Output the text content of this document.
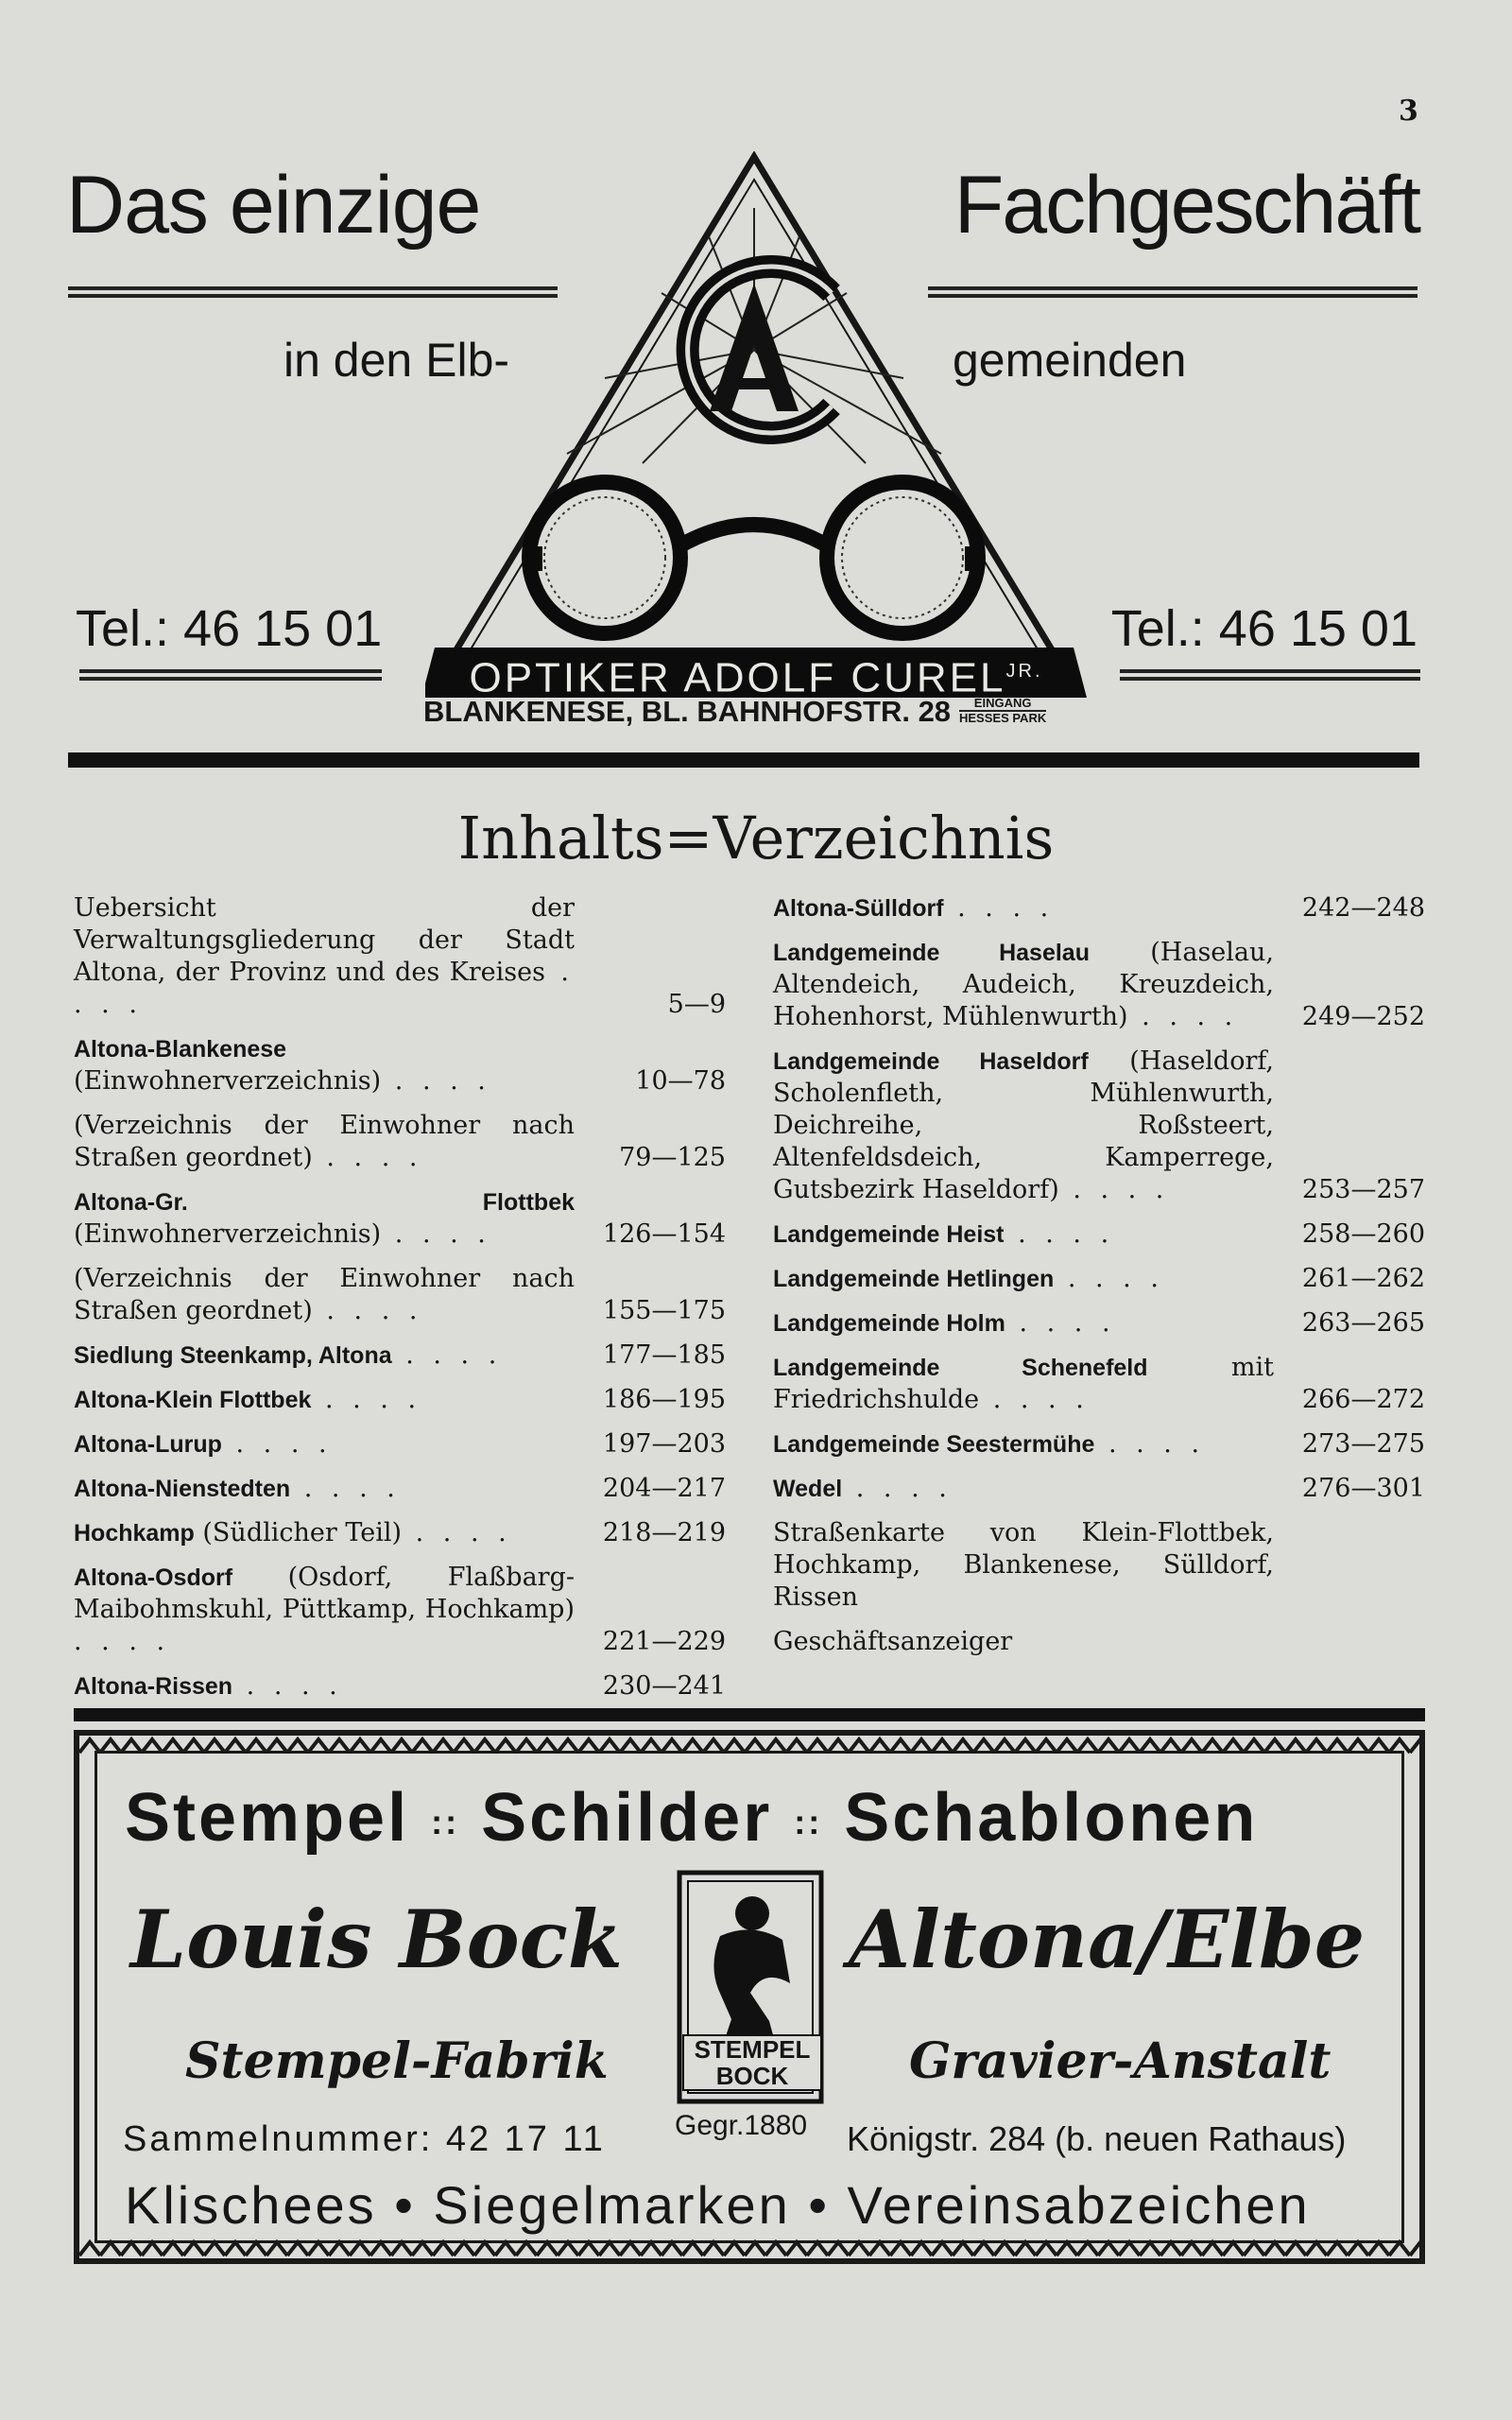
3
Das einzige	Fachgeschäft
in den Elb-	gemeinden
Tel.: 46 15 01	Tel.: 46 15 01
OPTIKER ADOLF $CUREL^{JR.}$
BLANKENESE, BL. BAHNHOFSTR. 28	EINGANG
HESSES PARK
Inhalts=Verzeichnis
Uebersicht der Verwaltungsgliederung der Stadt Altona, der Provinz und des Kreises . . . .	5—9
Altona-Blankenese (Einwohnerverzeichnis) . . . .	10—78
(Verzeichnis der Einwohner nach Straßen geordnet) . . . .	79—125
Altona-Gr. Flottbek (Einwohnerverzeichnis) . . . .	126—154
(Verzeichnis der Einwohner nach Straßen geordnet) . . . .	155—175
Siedlung Steenkamp, Altona . . . .	177—185
Altona-Klein Flottbek . . . .	186—195
Altona-Lurup . . . .	197—203
Altona-Nienstedten . . . .	204—217
Hochkamp (Südlicher Teil) . . . .	218—219
Altona-Osdorf (Osdorf, Flaßbarg-Maibohmskuhl, Püttkamp, Hochkamp) . . . .	221—229
Altona-Rissen . . . .	230—241
Altona-Sülldorf . . . .	242—248
Landgemeinde Haselau (Haselau, Altendeich, Audeich, Kreuzdeich, Hohenhorst, Mühlenwurth) . . . .	249—252
Landgemeinde Haseldorf (Haseldorf, Scholenfleth, Mühlenwurth, Deichreihe, Roßsteert, Altenfeldsdeich, Kamperrege, Gutsbezirk Haseldorf) . . . .	253—257
Landgemeinde Heist . . . .	258—260
Landgemeinde Hetlingen . . . .	261—262
Landgemeinde Holm . . . .	263—265
Landgemeinde Schenefeld mit Friedrichshulde . . . .	266—272
Landgemeinde Seestermühe . . . .	273—275
Wedel . . . .	276—301
Straßenkarte von Klein-Flottbek, Hochkamp, Blankenese, Sülldorf, Rissen
Geschäftsanzeiger
Stempel :: Schilder :: Schablonen
Louis Bock	Altona/Elbe
Stempel-Fabrik	Gravier-Anstalt
STEMPEL
BOCK
Gegr.1880
Sammelnummer: 42 17 11	Königstr. 284 (b. neuen Rathaus)
Klischees • Siegelmarken • Vereinsabzeichen
